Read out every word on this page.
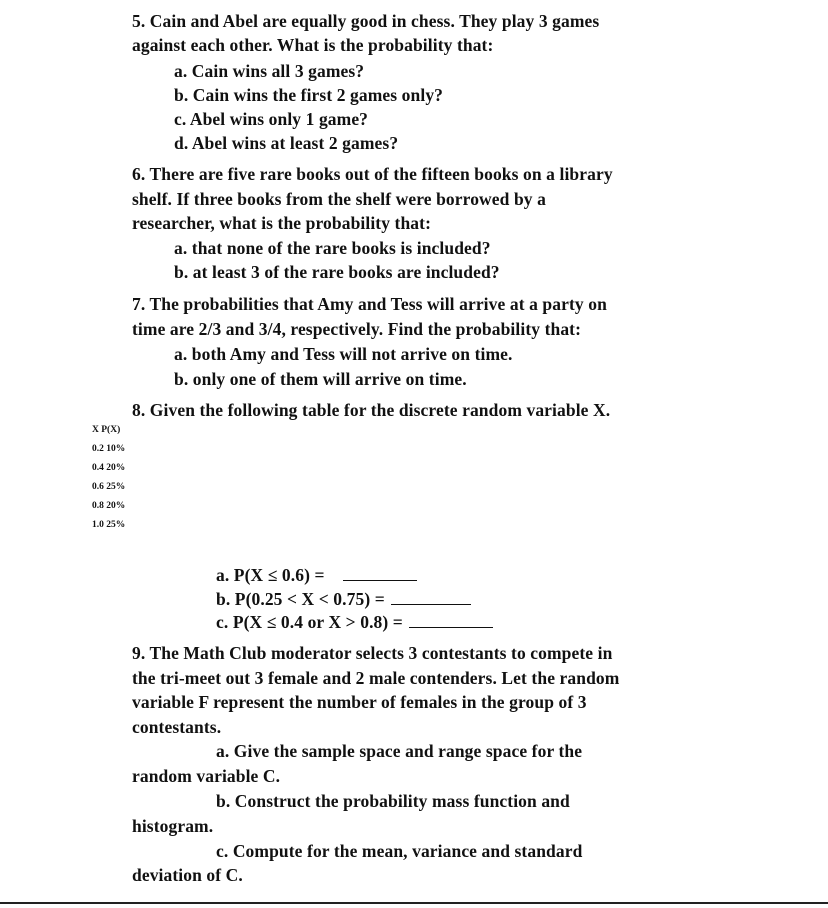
5. Cain and Abel are equally good in chess. They play 3 games
against each other. What is the probability that:
a. Cain wins all 3 games?
b. Cain wins the first 2 games only?
c. Abel wins only 1 game?
d. Abel wins at least 2 games?
6. There are five rare books out of the fifteen books on a library
shelf. If three books from the shelf were borrowed by a
researcher, what is the probability that:
a. that none of the rare books is included?
b. at least 3 of the rare books are included?
7. The probabilities that Amy and Tess will arrive at a party on
time are 2/3 and 3/4, respectively. Find the probability that:
a. both Amy and Tess will not arrive on time.
b. only one of them will arrive on time.
8. Given the following table for the discrete random variable X.
X P(X)
0.2 10%
0.4 20%
0.6 25%
0.8 20%
1.0 25%
a. P(X ≤ 0.6) =
b. P(0.25 < X < 0.75) =
c. P(X ≤ 0.4 or X > 0.8) =
9. The Math Club moderator selects 3 contestants to compete in
the tri-meet out 3 female and 2 male contenders. Let the random
variable F represent the number of females in the group of 3
contestants.
a. Give the sample space and range space for the
random variable C.
b. Construct the probability mass function and
histogram.
c. Compute for the mean, variance and standard
deviation of C.
